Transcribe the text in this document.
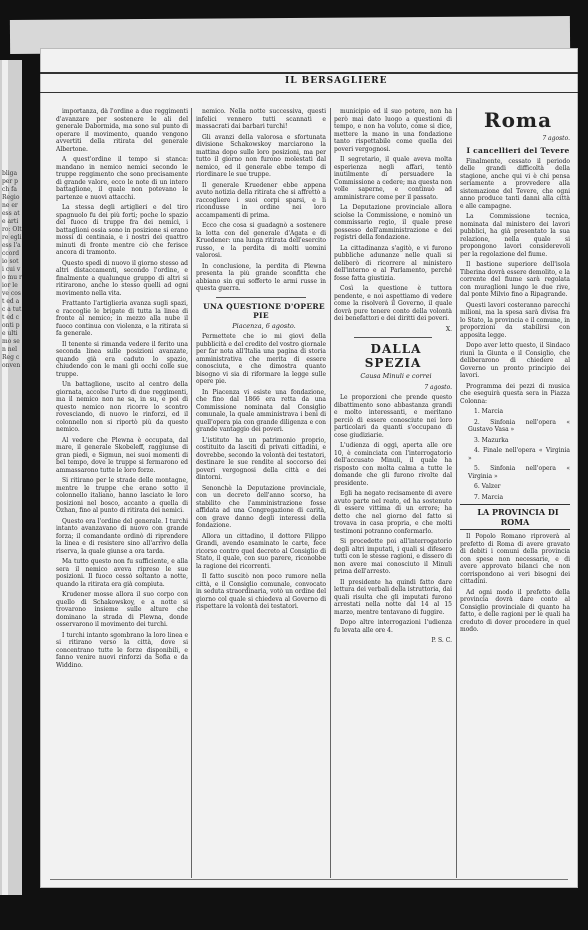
bliga per p ch fa Regione er ess ate arti ro: Oltre egli ess l'accord io sot i cui vo mu rior le ve cost ed a c a tutt ed conti pe ultimo se n nel Reg conven
IL BERSAGLIERE

importanza, dà l'ordine a due reggimenti d'avanzare per sostenere le ali del generale Dabormida, ma sono sul punto di operare il movimento, quando vengono avvertiti della ritirata del generale Albertone.

A quest'ordine il tempo si stanca: mandano in nemico nemici secondo le truppe reggimento che sono precisamente di grande valore, ecco le note di un intero battaglione, il quale non potevano le partenze e nuovi attacchi.

La stessa degli artiglieri e del tiro spagnuolo fu dei più forti; poche lo spazio del fuoco di truppe fra dei nemici, i battaglioni ossia sono in posizione si erano mossi di centinaia, e i nostri dei quattro minuti di fronte mentre ciò che ferisce ancora di tramonto.

Questo spedì di nuovo il giorno stesso ad altri distaccamenti, secondo l'ordine, e finalmente a qualunque gruppo di altri si ritirarono, anche lo stesso quelli ad ogni movimento nella vita.

Frattanto l'artiglieria avanza sugli spazi, e raccoglie le brigate di tutta la linea di fronte al nemico; in mezzo alla nube il fuoco continua con violenza, e la ritirata si fa generale.

Il tenente si rimanda vedere il ferito una seconda linea sulle posizioni avanzate, quando già era caduto lo spazio, chiudendo con le mani gli occhi colle sue truppe.

Un battaglione, uscito al centro della giornata, accolse l'urto di due reggimenti, ma il nemico non ne sa, in su, e poi di questo nemico non ricorre lo scontro rovesciando, di nuovo le rinforzi, ed il colonnello non si riportò più da questo nemico.

Al vedere che Plewna è occupata, dal mare, il generale Skobeleff, raggiunse di gran piedi, e Sigmun, nei suoi momenti di bel tempo, dove le truppe si fermarono ed ammassarono tutte le loro forze.

Si ritirano per le strade delle montagne, mentre le truppe che erano sotto il colonnello italiano, hanno lasciato le loro posizioni nel bosco, accanto a quella di Ozhan, fino al punto di ritirata dei nemici.

Questo era l'ordine del generale. I turchi intanto avanzavano di nuovo con grande forza; il comandante ordinò di riprendere la linea e di resistere sino all'arrivo della riserva, la quale giunse a ora tarda.

Ma tutto questo non fu sufficiente, e alla sera il nemico aveva ripreso le sue posizioni. Il fuoco cessò soltanto a notte, quando la ritirata era già compiuta.

Krudener mosse allora il suo corpo con quello di Schakowskoy, e a notte si trovarono insieme sulle alture che dominano la strada di Plewna, donde osservarono il movimento dei turchi.

I turchi intanto sgombrano la loro linea e si ritirano verso la città, dove si concentrano tutte le forze disponibili, e fanno venire nuovi rinforzi da Sofia e da Widdino.

nemico. Nella notte successiva, questi infelici vennero tutti scannati e massacrati dai barbari turchi!

Gli avanzi della valorosa e sfortunata divisione Schakowskoy marciarono la mattina dopo sulle loro posizioni, ma per tutto il giorno non furono molestati dal nemico, ed il generale ebbe tempo di riordinare le sue truppe.

Il generale Kruedener ebbe appena avuto notizia della ritirata che si affrettò a raccogliere i suoi corpi sparsi, e li ricondusse in ordine nei loro accampamenti di prima.

Ecco che cosa si guadagnò a sostenere la lotta con del generale d'Agata e di Kruedener: una lunga ritirata dell'esercito russo, e la perdita di molti uomini valorosi.

In conclusione, la perdita di Plewna presenta la più grande sconfitta che abbiano sin qui sofferto le armi russe in questa guerra.

UNA QUESTIONE D'OPERE PIE

Piacenza, 6 agosto.

Permettete che io mi giovi della pubblicità e del credito del vostro giornale per far nota all'Italia una pagina di storia amministrativa che merita di essere conosciuta, e che dimostra quanto bisogno vi sia di riformare la legge sulle opere pie.

In Piacenza vi esiste una fondazione, che fino dal 1866 era retta da una Commissione nominata dal Consiglio comunale, la quale amministrava i beni di quell'opera pia con grande diligenza e con grande vantaggio dei poveri.

L'istituto ha un patrimonio proprio, costituito da lasciti di privati cittadini, e dovrebbe, secondo la volontà dei testatori, destinare le sue rendite al soccorso dei poveri vergognosi della città e dei dintorni.

Senonchè la Deputazione provinciale, con un decreto dell'anno scorso, ha stabilito che l'amministrazione fosse affidata ad una Congregazione di carità, con grave danno degli interessi della fondazione.

Allora un cittadino, il dottore Filippo Grandi, avendo esaminato le carte, fece ricorso contro quel decreto al Consiglio di Stato, il quale, con suo parere, riconobbe la ragione dei ricorrenti.

Il fatto suscitò non poco rumore nella città, e il Consiglio comunale, convocato in seduta straordinaria, votò un ordine del giorno col quale si chiedeva al Governo di rispettare la volontà dei testatori.

municipio ed il suo potere, non ha però mai dato luogo a questioni di tempo, e non ha voluto, come si dice, mettere la mano in una fondazione tanto rispettabile come quella dei poveri vergognosi.

Il segretario, il quale aveva molta esperienza negli affari, tentò inutilmente di persuadere la Commissione a cedere; ma questa non volle saperne, e continuò ad amministrare come per il passato.

La Deputazione provinciale allora sciolse la Commissione, e nominò un commissario regio, il quale prese possesso dell'amministrazione e dei registri della fondazione.

La cittadinanza s'agitò, e vi furono pubbliche adunanze nelle quali si deliberò di ricorrere al ministero dell'interno e al Parlamento, perché fosse fatta giustizia.

Così la questione è tuttora pendente, e noi aspettiamo di vedere come la risolverà il Governo, il quale dovrà pure tenere conto della volontà dei benefattori e dei diritti dei poveri.

X.

DALLA SPEZIA

Causa Minuli e correi

7 agosto.

Le proporzioni che prende questo dibattimento sono abbastanza grandi e molto interessanti, e meritano perciò di essere conosciute nei loro particolari da quanti s'occupano di cose giudiziarie.

L'udienza di oggi, aperta alle ore 10, è cominciata con l'interrogatorio dell'accusato Minuli, il quale ha risposto con molta calma a tutte le domande che gli furono rivolte dal presidente.

Egli ha negato recisamente di avere avuto parte nel reato, ed ha sostenuto di essere vittima di un errore; ha detto che nel giorno del fatto si trovava in casa propria, e che molti testimoni potranno confermarlo.

Si procedette poi all'interrogatorio degli altri imputati, i quali si difesero tutti con le stesse ragioni, e dissero di non avere mai conosciuto il Minuli prima dell'arresto.

Il presidente ha quindi fatto dare lettura dei verbali della istruttoria, dai quali risulta che gli imputati furono arrestati nella notte dal 14 al 15 marzo, mentre tentavano di fuggire.

Dopo altre interrogazioni l'udienza fu levata alle ore 4.

P. S. C.

Roma

7 agosto.

I cancellieri del Tevere

Finalmente, cessato il periodo delle grandi difficoltà della stagione, anche qui vi è chi pensa seriamente a provvedere alla sistemazione del Tevere, che ogni anno produce tanti danni alla città e alle campagne.

La Commissione tecnica, nominata dal ministero dei lavori pubblici, ha già presentato la sua relazione, nella quale si propongono lavori considerevoli per la regolazione del fiume.

Il bastione superiore dell'isola Tiberina dovrà essere demolito, e la corrente del fiume sarà regolata con muraglioni lungo le due rive, dal ponte Milvio fino a Ripagrande.

Questi lavori costeranno parecchi milioni, ma la spesa sarà divisa fra lo Stato, la provincia e il comune, in proporzioni da stabilirsi con apposita legge.

Dopo aver letto questo, il Sindaco riunì la Giunta e il Consiglio, che deliberarono di chiedere al Governo un pronto principio dei lavori.

Programma dei pezzi di musica che eseguirà questa sera in Piazza Colonna:

1. Marcia

2. Sinfonia nell'opera « Gustavo Vasa »

3. Mazurka

4. Finale nell'opera « Virginia »

5. Sinfonia nell'opera « Virginia »

6. Valzer

7. Marcia

LA PROVINCIA DI ROMA

Il Popolo Romano riproverà al prefetto di Roma di avere gravato di debiti i comuni della provincia con spese non necessarie, e di avere approvato bilanci che non corrispondono ai veri bisogni dei cittadini.

Ad ogni modo il prefetto della provincia dovrà dare conto al Consiglio provinciale di quanto ha fatto, e delle ragioni per le quali ha creduto di dover procedere in quel modo.
